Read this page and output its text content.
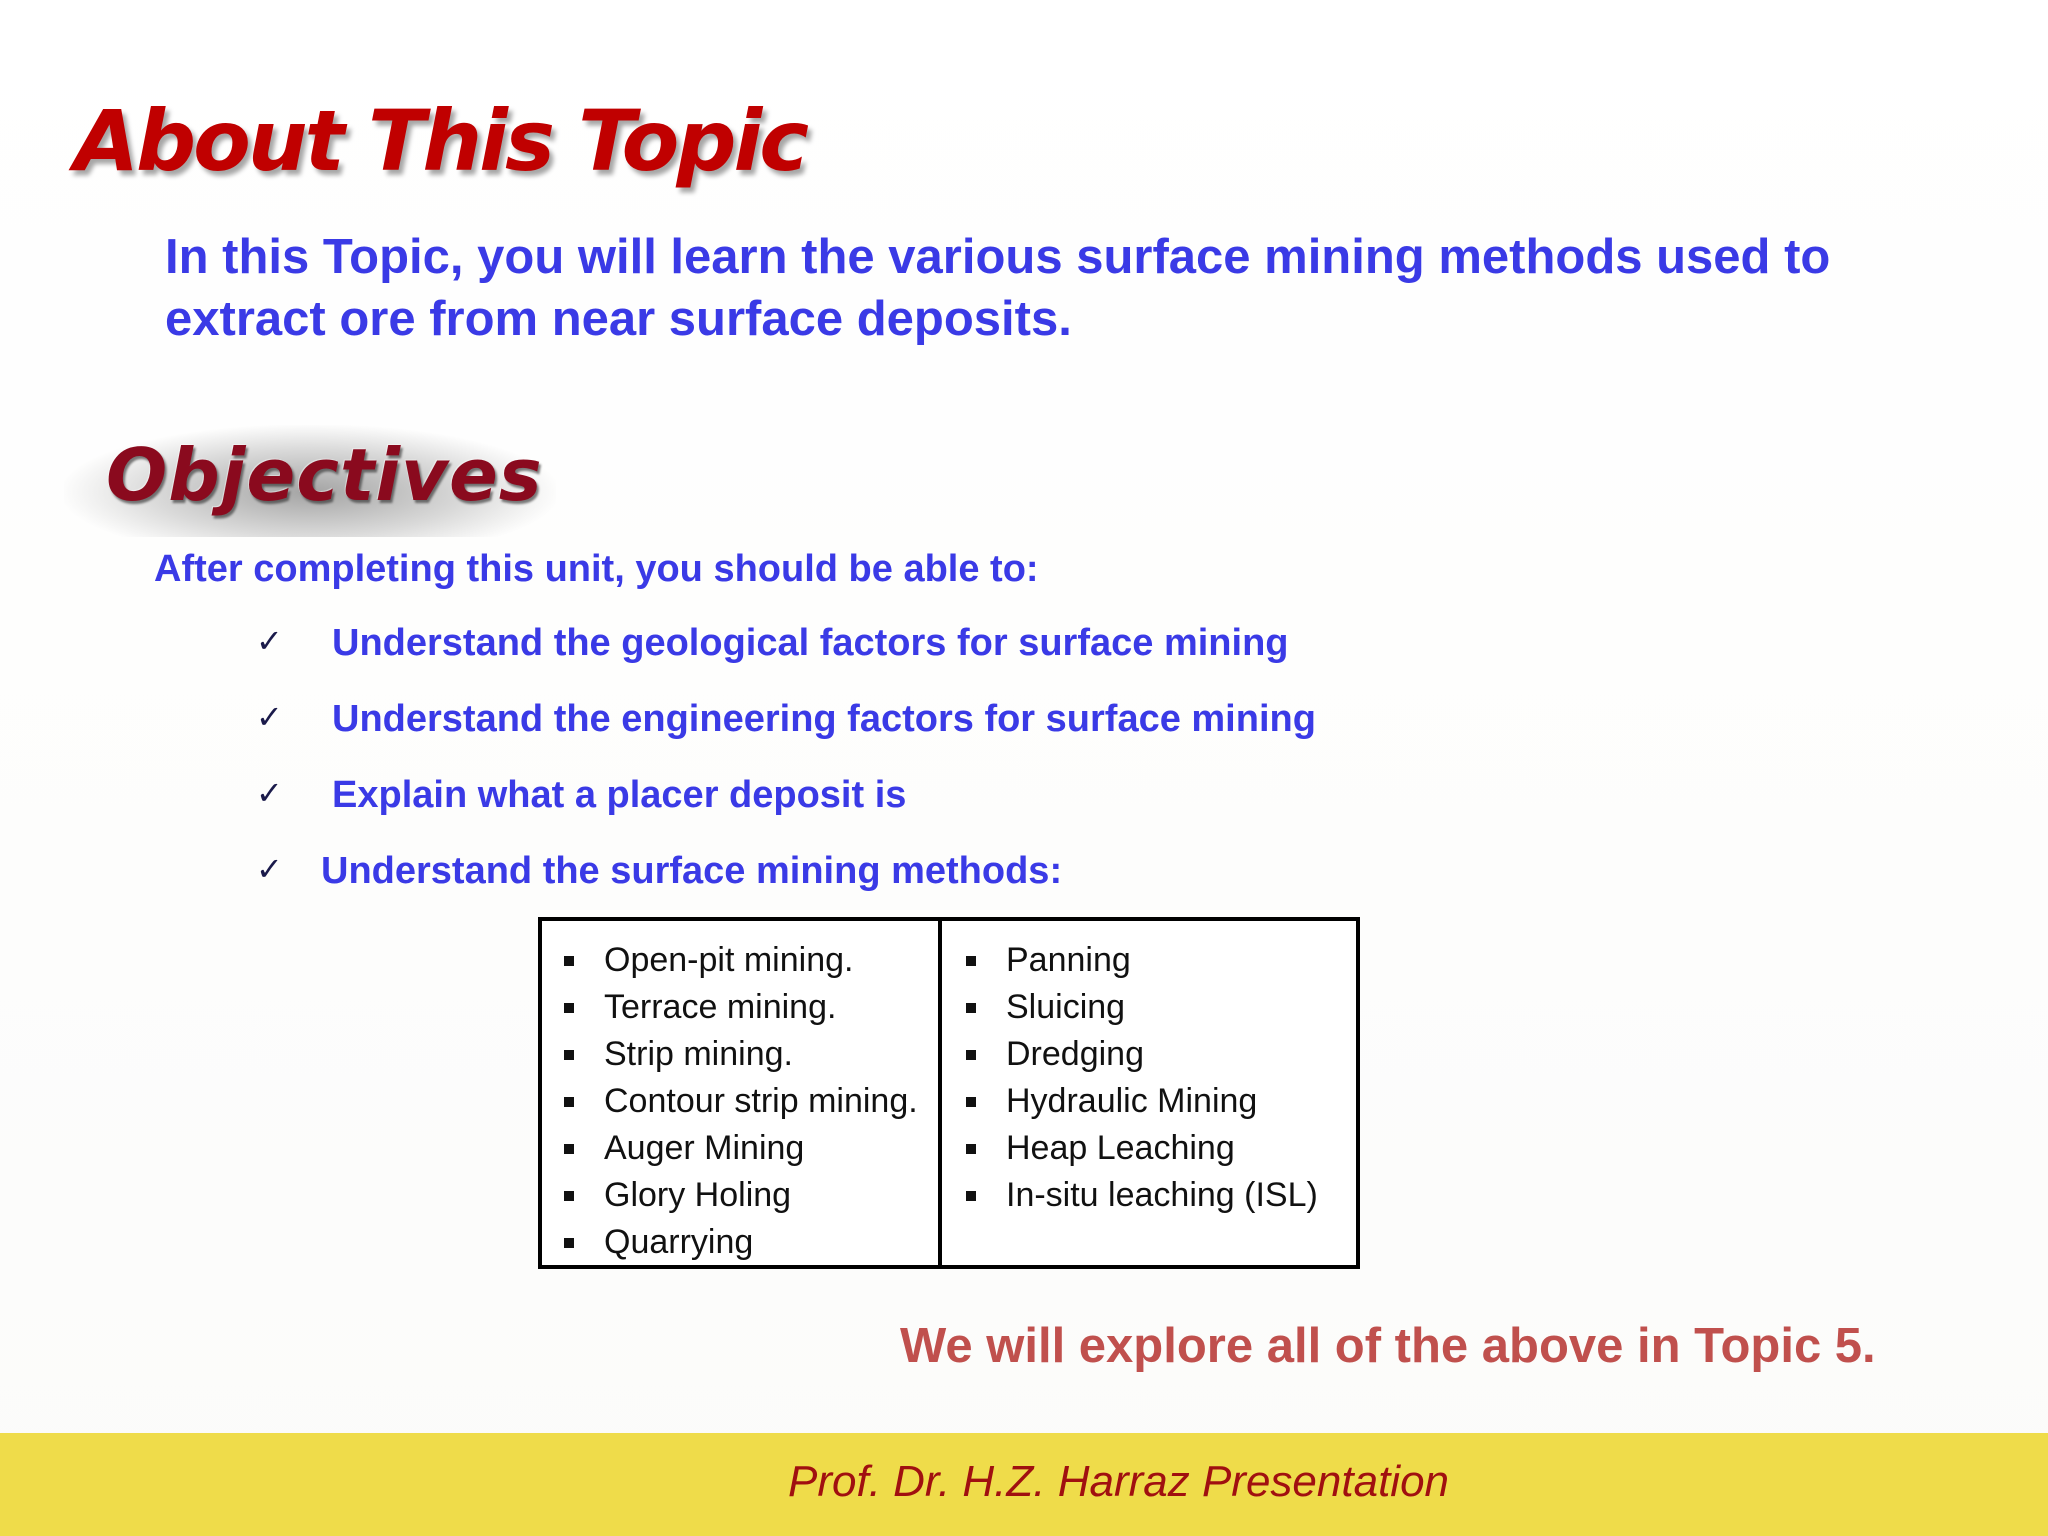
About This Topic
In this Topic, you will learn the various surface mining methods used to extract ore from near surface deposits.
Objectives
After completing this unit, you should be able to:
✓ Understand the geological factors for surface mining
✓ Understand the engineering factors for surface mining
✓ Explain what a placer deposit is
✓ Understand the surface mining methods:
Open-pit mining.
Terrace mining.
Strip mining.
Contour strip mining.
Auger Mining
Glory Holing
Quarrying
Panning
Sluicing
Dredging
Hydraulic Mining
Heap Leaching
In-situ leaching (ISL)
We will explore all of the above in Topic 5.
Prof. Dr. H.Z. Harraz Presentation
